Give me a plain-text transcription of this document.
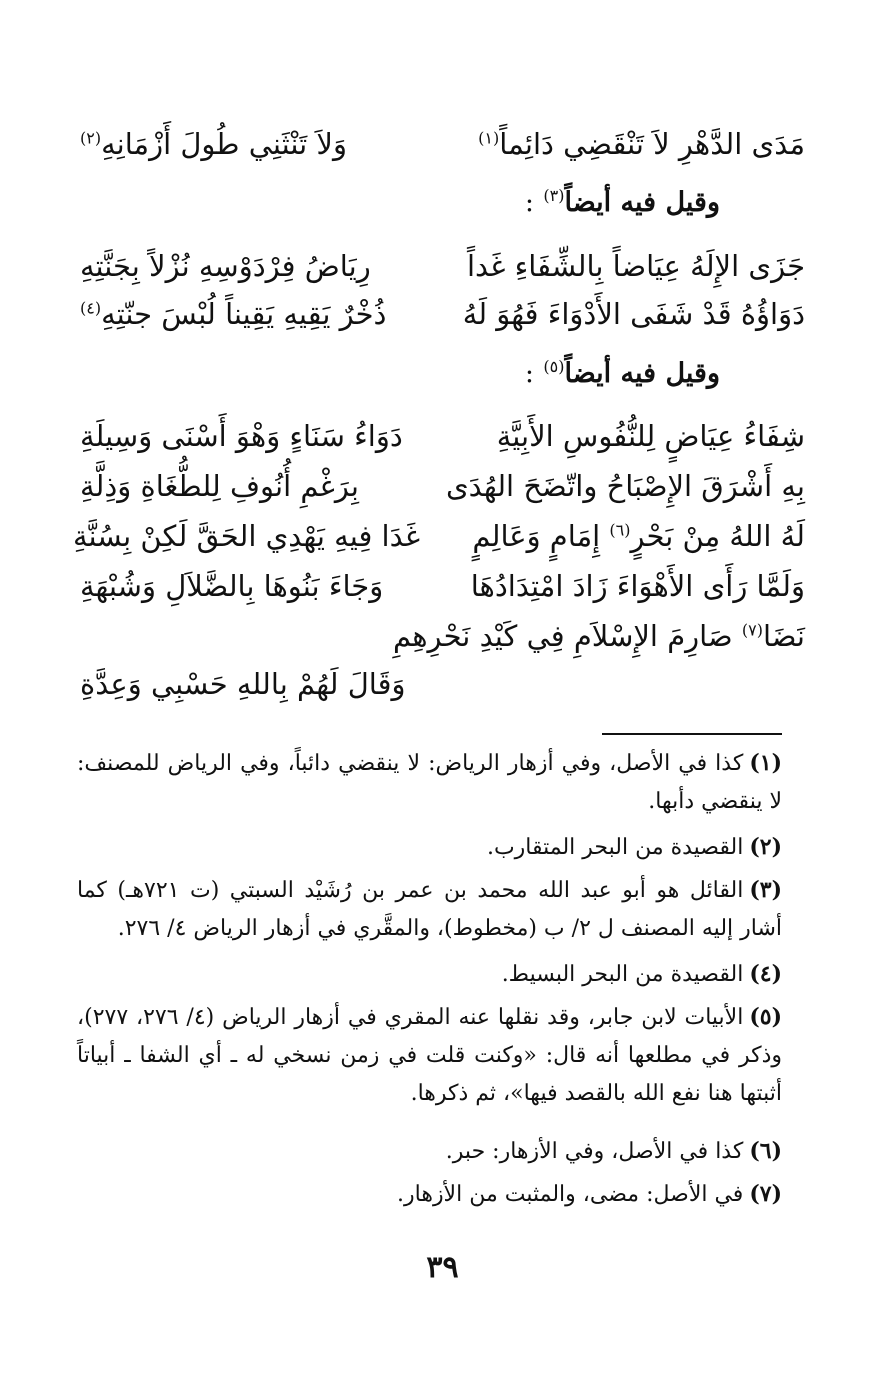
مَدَى الدَّهْرِ لاَ تَنْقَضِي دَائِماً$^{(١)}$
وَلاَ تَنْثَنِي طُولَ أَزْمَانِهِ$^{(٢)}$
وقيل فيه أيضاً$^{(٣)}$ :
جَزَى الإِلَهُ عِيَاضاً بِالشِّفَاءِ غَداً
رِيَاضُ فِرْدَوْسِهِ نُزْلاً بِجَنَّتِهِ
دَوَاؤُهُ قَدْ شَفَى الأَدْوَاءَ فَهُوَ لَهُ
ذُخْرٌ يَقِيهِ يَقِيناً لُبْسَ جنّتِهِ$^{(٤)}$
وقيل فيه أيضاً$^{(٥)}$ :
شِفَاءُ عِيَاضٍ لِلنُّفُوسِ الأَبِيَّةِ
دَوَاءُ سَنَاءٍ وَهْوَ أَسْنَى وَسِيلَةِ
بِهِ أَشْرَقَ الإِصْبَاحُ واتّضَحَ الهُدَى
بِرَغْمِ أُنُوفِ لِلطُّغَاةِ وَذِلَّةِ
لَهُ اللهُ مِنْ بَحْرٍ$^{(٦)}$ إِمَامٍ وَعَالِمٍ
غَدَا فِيهِ يَهْدِي الحَقَّ لَكِنْ بِسُنَّةِ
وَلَمَّا رَأَى الأَهْوَاءَ زَادَ امْتِدَادُهَا
وَجَاءَ بَنُوهَا بِالضَّلاَلِ وَشُبْهَةِ
نَضَا$^{(٧)}$ صَارِمَ الإِسْلاَمِ فِي كَيْدِ نَحْرِهِمِ
وَقَالَ لَهُمْ بِاللهِ حَسْبِي وَعِدَّةِ
(١)كذا في الأصل، وفي أزهار الرياض: لا ينقضي دائباً، وفي الرياض للمصنف: لا ينقضي دأبها.
(٢)القصيدة من البحر المتقارب.
(٣)القائل هو أبو عبد الله محمد بن عمر بن رُشَيْد السبتي (ت ٧٢١هـ) كما أشار إليه المصنف ل ٢/ ب (مخطوط)، والمقَّري في أزهار الرياض ٤/ ٢٧٦.
(٤)القصيدة من البحر البسيط.
(٥)الأبيات لابن جابر، وقد نقلها عنه المقري في أزهار الرياض (٤/ ٢٧٦، ٢٧٧)، وذكر في مطلعها أنه قال: «وكنت قلت في زمن نسخي له ـ أي الشفا ـ أبياتاً أثبتها هنا نفع الله بالقصد فيها»، ثم ذكرها.
(٦)كذا في الأصل، وفي الأزهار: حبر.
(٧)في الأصل: مضى، والمثبت من الأزهار.
٣٩
